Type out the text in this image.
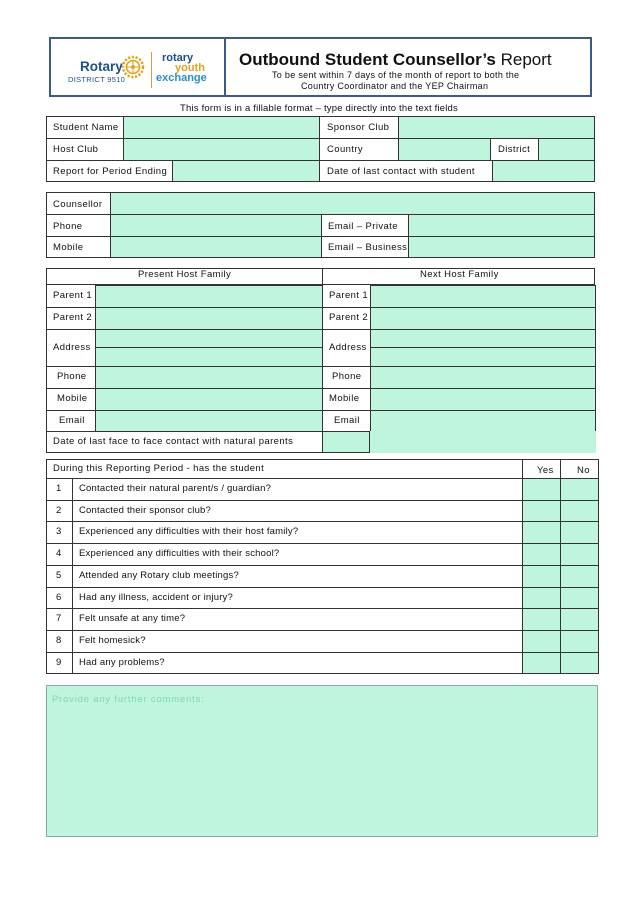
Rotary
DISTRICT 9510
rotary
youth
exchange
Outbound Student Counsellor’s Report
To be sent within 7 days of the month of report to both the
Country Coordinator and the YEP Chairman
This form is in a fillable format – type directly into the text fields
Student Name	Sponsor Club
Host Club	Country	District
Report for Period Ending	Date of last contact with student
Counsellor
Phone	Email – Private
Mobile	Email – Business
Present Host Family	Next Host Family
Parent 1	Parent 1
Parent 2	Parent 2
Address	Address
Phone	Phone
Mobile	Mobile
Email	Email
Date of last face to face contact with natural parents
During this Reporting Period - has the student	Yes No
1 Contacted their natural parent/s / guardian?
2 Contacted their sponsor club?
3 Experienced any difficulties with their host family?
4 Experienced any difficulties with their school?
5 Attended any Rotary club meetings?
6 Had any illness, accident or injury?
7 Felt unsafe at any time?
8 Felt homesick?
9 Had any problems?
Provide any further comments:
